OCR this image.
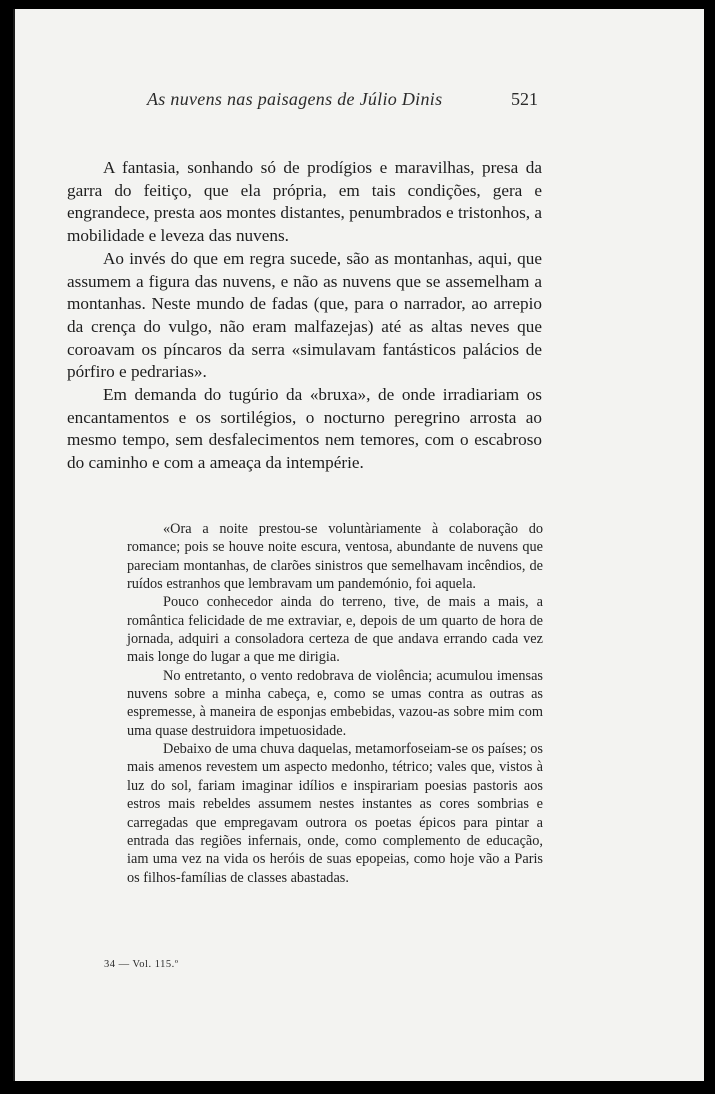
As nuvens nas paisagens de Júlio Dinis	521

A fantasia, sonhando só de prodígios e maravilhas, presa da garra do feitiço, que ela própria, em tais condições, gera e engrandece, presta aos montes distantes, penumbrados e tristonhos, a mobilidade e leveza das nuvens.

Ao invés do que em regra sucede, são as montanhas, aqui, que assumem a figura das nuvens, e não as nuvens que se assemelham a montanhas. Neste mundo de fadas (que, para o narrador, ao arrepio da crença do vulgo, não eram malfazejas) até as altas neves que coroavam os píncaros da serra «simulavam fantásticos palácios de pórfiro e pedrarias».

Em demanda do tugúrio da «bruxa», de onde irradiariam os encantamentos e os sortilégios, o nocturno peregrino arrosta ao mesmo tempo, sem desfalecimentos nem temores, com o escabroso do caminho e com a ameaça da intempérie.

«Ora a noite prestou-se voluntàriamente à colaboração do romance; pois se houve noite escura, ventosa, abundante de nuvens que pareciam montanhas, de clarões sinistros que semelhavam incêndios, de ruídos estranhos que lembravam um pandemónio, foi aquela.

Pouco conhecedor ainda do terreno, tive, de mais a mais, a romântica felicidade de me extraviar, e, depois de um quarto de hora de jornada, adquiri a consoladora certeza de que andava errando cada vez mais longe do lugar a que me dirigia.

No entretanto, o vento redobrava de violência; acumulou imensas nuvens sobre a minha cabeça, e, como se umas contra as outras as espremesse, à maneira de esponjas embebidas, vazou-as sobre mim com uma quase destruidora impetuosidade.

Debaixo de uma chuva daquelas, metamorfoseiam-se os países; os mais amenos revestem um aspecto medonho, tétrico; vales que, vistos à luz do sol, fariam imaginar idílios e inspirariam poesias pastoris aos estros mais rebeldes assumem nestes instantes as cores sombrias e carregadas que empregavam outrora os poetas épicos para pintar a entrada das regiões infernais, onde, como complemento de educação, iam uma vez na vida os heróis de suas epopeias, como hoje vão a Paris os filhos-famílias de classes abastadas.

34 — Vol. 115.º
